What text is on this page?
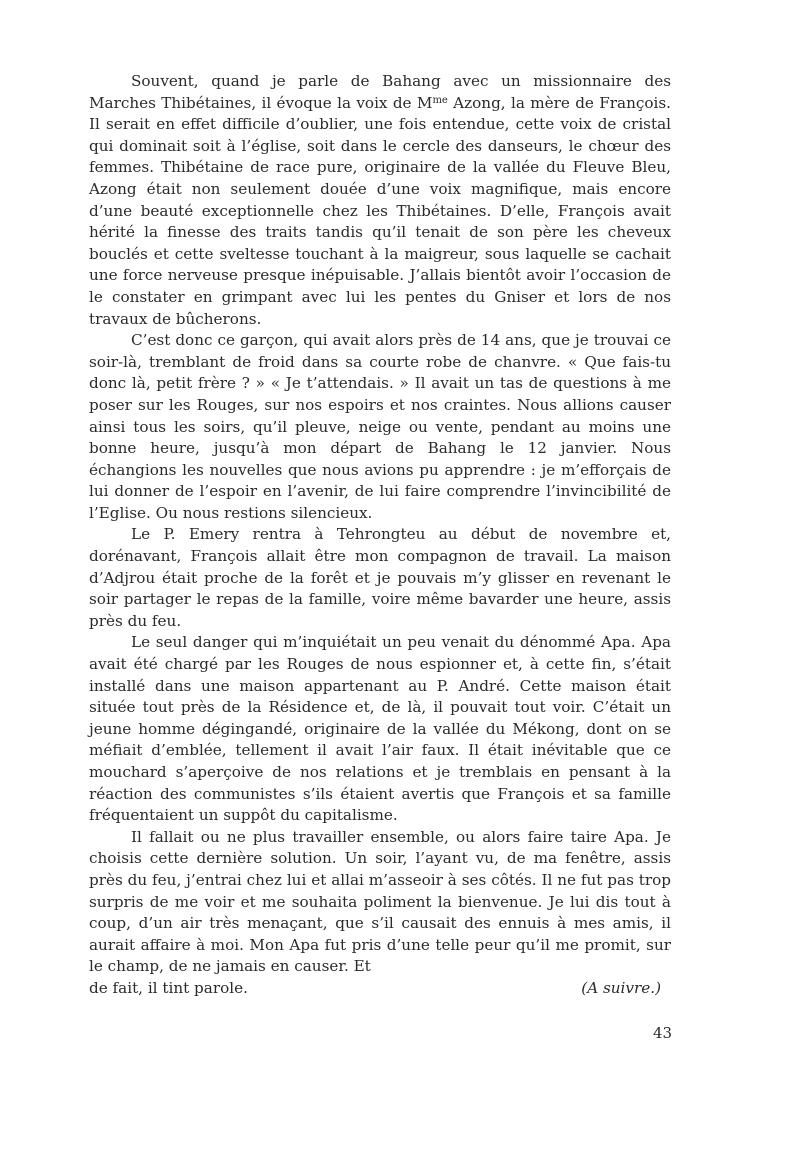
Souvent, quand je parle de Bahang avec un missionnaire des Marches Thibétaines, il évoque la voix de $M^{me}$ Azong, la mère de François. Il serait en effet difficile d’oublier, une fois entendue, cette voix de cristal qui dominait soit à l’église, soit dans le cercle des danseurs, le chœur des femmes. Thibétaine de race pure, originaire de la vallée du Fleuve Bleu, Azong était non seulement douée d’une voix magnifique, mais encore d’une beauté exceptionnelle chez les Thibétaines. D’elle, François avait hérité la finesse des traits tandis qu’il tenait de son père les cheveux bouclés et cette sveltesse touchant à la maigreur, sous laquelle se cachait une force nerveuse presque inépuisable. J’allais bientôt avoir l’occasion de le constater en grimpant avec lui les pentes du Gniser et lors de nos travaux de bûcherons.

C’est donc ce garçon, qui avait alors près de 14 ans, que je trouvai ce soir-là, tremblant de froid dans sa courte robe de chanvre. « Que fais-tu donc là, petit frère ? » « Je t’attendais. » Il avait un tas de questions à me poser sur les Rouges, sur nos espoirs et nos craintes. Nous allions causer ainsi tous les soirs, qu’il pleuve, neige ou vente, pendant au moins une bonne heure, jusqu’à mon départ de Bahang le 12 janvier. Nous échangions les nouvelles que nous avions pu apprendre : je m’efforçais de lui donner de l’espoir en l’avenir, de lui faire comprendre l’invincibilité de l’Eglise. Ou nous restions silencieux.

Le P. Emery rentra à Tehrongteu au début de novembre et, dorénavant, François allait être mon compagnon de travail. La maison d’Adjrou était proche de la forêt et je pouvais m’y glisser en revenant le soir partager le repas de la famille, voire même bavarder une heure, assis près du feu.

Le seul danger qui m’inquiétait un peu venait du dénommé Apa. Apa avait été chargé par les Rouges de nous espionner et, à cette fin, s’était installé dans une maison appartenant au P. André. Cette maison était située tout près de la Résidence et, de là, il pouvait tout voir. C’était un jeune homme dégingandé, originaire de la vallée du Mékong, dont on se méfiait d’emblée, tellement il avait l’air faux. Il était inévitable que ce mouchard s’aperçoive de nos relations et je tremblais en pensant à la réaction des communistes s’ils étaient avertis que François et sa famille fréquentaient un suppôt du capitalisme.

Il fallait ou ne plus travailler ensemble, ou alors faire taire Apa. Je choisis cette dernière solution. Un soir, l’ayant vu, de ma fenêtre, assis près du feu, j’entrai chez lui et allai m’asseoir à ses côtés. Il ne fut pas trop surpris de me voir et me souhaita poliment la bienvenue. Je lui dis tout à coup, d’un air très menaçant, que s’il causait des ennuis à mes amis, il aurait affaire à moi. Mon Apa fut pris d’une telle peur qu’il me promit, sur le champ, de ne jamais en causer. Et

de fait, il tint parole.	(A suivre.)
43
